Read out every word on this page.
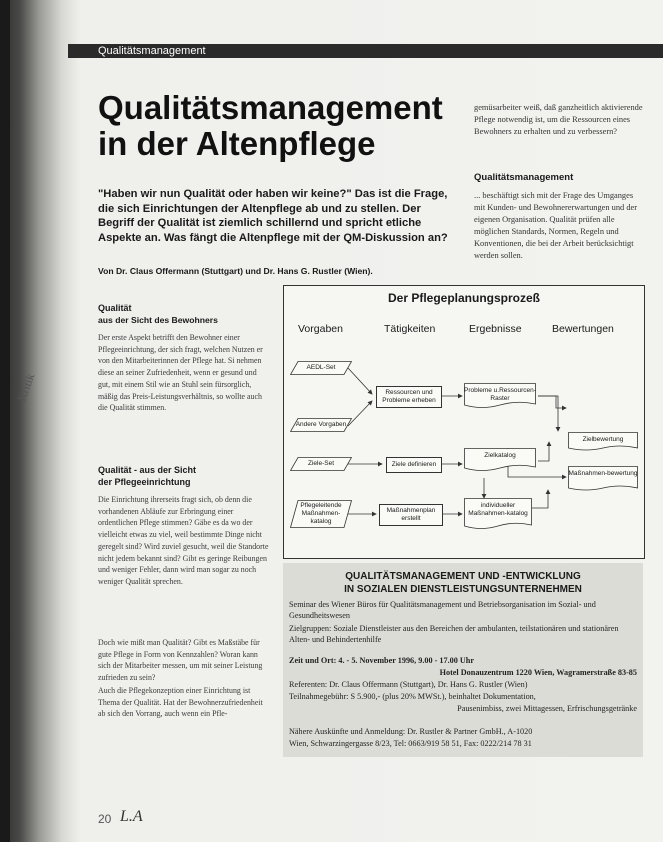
Qualitätsmanagement
Qualitätsmanagement
in der Altenpflege
"Haben wir nun Qualität oder haben wir keine?" Das ist die Frage, die sich Einrichtungen der Altenpflege ab und zu stellen. Der Begriff der Qualität ist ziemlich schillernd und spricht etliche Aspekte an. Was fängt die Altenpflege mit der QM-Diskussion an?
Von Dr. Claus Offermann (Stuttgart) und Dr. Hans G. Rustler (Wien).
gemüsarbeiter weiß, daß ganzheitlich aktivierende Pflege notwendig ist, um die Ressourcen eines Bewohners zu erhalten und zu verbessern?
Qualitätsmanagement
... beschäftigt sich mit der Frage des Umganges mit Kunden- und Bewohnererwartungen und der eigenen Organisation. Qualität prüfen alle möglichen Standards, Normen, Regeln und Konventionen, die bei der Arbeit berücksichtigt werden sollen.
Qualität
aus der Sicht des Bewohners
Der erste Aspekt betrifft den Bewohner einer Pflegeeinrichtung, der sich fragt, welchen Nutzen er von den Mitarbeiterinnen der Pflege hat. Si nehmen diese an seiner Zufriedenheit, wenn er gesund und gut, mit einem Stil wie an Stuhl sein fürsorglich, mäßig das Preis-Leistungsverhältnis, so wollte auch die Qualität stimmen.
Qualität - aus der Sicht
der Pflegeeinrichtung
Die Einrichtung ihrerseits fragt sich, ob denn die vorhandenen Abläufe zur Erbringung einer ordentlichen Pflege stimmen? Gäbe es da wo der vielleicht etwas zu viel, weil bestimmte Dinge nicht geregelt sind? Wird zuviel gesucht, weil die Standorte nicht jedem bekannt sind? Gibt es geringe Reibungen und weniger Fehler, dann wird man sogar zu noch weniger Qualität sprechen.
Doch wie mißt man Qualität? Gibt es Maßstäbe für gute Pflege in Form von Kennzahlen? Woran kann sich der Mitarbeiter messen, um mit seiner Leistung zufrieden zu sein?
Auch die Pflegekonzeption einer Einrichtung ist Thema der Qualität. Hat der Bewohnerzufriedenheit ab sich den Vorrang, auch wenn ein Pfle-
Der Pflegeplanungsprozeß
Vorgaben	Tätigkeiten	Ergebnisse	Bewertungen
AEDL-Set
Andere Vorgaben
Ziele-Set
Pflegeleitende Maßnahmen-katalog
Ressourcen und Probleme erheben
Ziele definieren
Maßnahmenplan erstellt
Probleme u.Ressourcen-Raster
Zielkatalog
individueller Maßnahmen-katalog
Zielbewertung
Maßnahmen-bewertung
QUALITÄTSMANAGEMENT UND -ENTWICKLUNG
IN SOZIALEN DIENSTLEISTUNGSUNTERNEHMEN
Seminar des Wiener Büros für Qualitätsmanagement und Betriebsorganisation im Sozial- und Gesundheitswesen
Zielgruppen: Soziale Dienstleister aus den Bereichen der ambulanten, teilstationären und stationären Alten- und Behindertenhilfe
Zeit und Ort: 4. - 5. November 1996, 9.00 - 17.00 Uhr
Hotel Donauzentrum 1220 Wien, Wagramerstraße 83-85
Referenten: Dr. Claus Offermann (Stuttgart), Dr. Hans G. Rustler (Wien)
Teilnahmegebühr: S 5.900,- (plus 20% MWSt.), beinhaltet Dokumentation,
Pausenimbiss, zwei Mittagessen, Erfrischungsgetränke
Nähere Auskünfte und Anmeldung: Dr. Rustler & Partner GmbH., A-1020
Wien, Schwarzingergasse 8/23, Tel: 0663/919 58 51, Fax: 0222/214 78 31
20 L.A
Kritik
